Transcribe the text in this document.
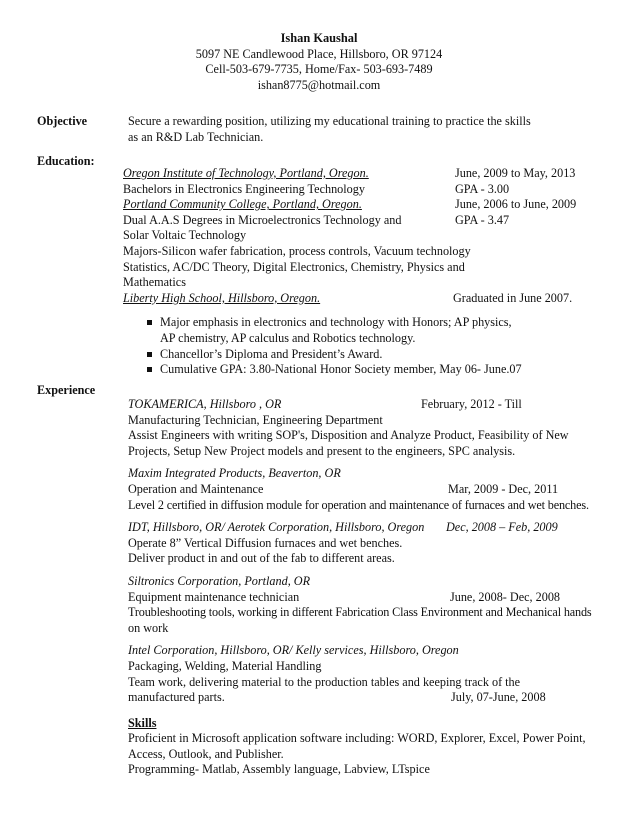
Ishan Kaushal
5097 NE Candlewood Place, Hillsboro, OR 97124
Cell-503-679-7735, Home/Fax- 503-693-7489
ishan8775@hotmail.com
Objective	Secure a rewarding position, utilizing my educational training to practice the skills
as an R&D Lab Technician.
Education:
Oregon Institute of Technology, Portland, Oregon.	June, 2009 to May, 2013
Bachelors in Electronics Engineering Technology	GPA - 3.00
Portland Community College, Portland, Oregon.	June, 2006 to June, 2009
Dual A.A.S Degrees in Microelectronics Technology and	GPA - 3.47
Solar Voltaic Technology
Majors-Silicon wafer fabrication, process controls, Vacuum technology
Statistics, AC/DC Theory, Digital Electronics, Chemistry, Physics and
Mathematics
Liberty High School, Hillsboro, Oregon.	Graduated in June 2007.
Major emphasis in electronics and technology with Honors; AP physics,
AP chemistry, AP calculus and Robotics technology.
Chancellor’s Diploma and President’s Award.
Cumulative GPA: 3.80-National Honor Society member, May 06- June.07
Experience
TOKAMERICA, Hillsboro , OR	February, 2012 - Till
Manufacturing Technician, Engineering Department
Assist Engineers with writing SOP's, Disposition and Analyze Product, Feasibility of New
Projects, Setup New Project models and present to the engineers, SPC analysis.
Maxim Integrated Products, Beaverton, OR
Operation and Maintenance	Mar, 2009 - Dec, 2011
Level 2 certified in diffusion module for operation and maintenance of furnaces and wet benches.
IDT, Hillsboro, OR/ Aerotek Corporation, Hillsboro, Oregon Dec, 2008 – Feb, 2009
Operate 8” Vertical Diffusion furnaces and wet benches.
Deliver product in and out of the fab to different areas.
Siltronics Corporation, Portland, OR
Equipment maintenance technician	June, 2008- Dec, 2008
Troubleshooting tools, working in different Fabrication Class Environment and Mechanical hands
on work
Intel Corporation, Hillsboro, OR/ Kelly services, Hillsboro, Oregon
Packaging, Welding, Material Handling
Team work, delivering material to the production tables and keeping track of the
manufactured parts.	July, 07-June, 2008
Skills
Proficient in Microsoft application software including: WORD, Explorer, Excel, Power Point,
Access, Outlook, and Publisher.
Programming- Matlab, Assembly language, Labview, LTspice
